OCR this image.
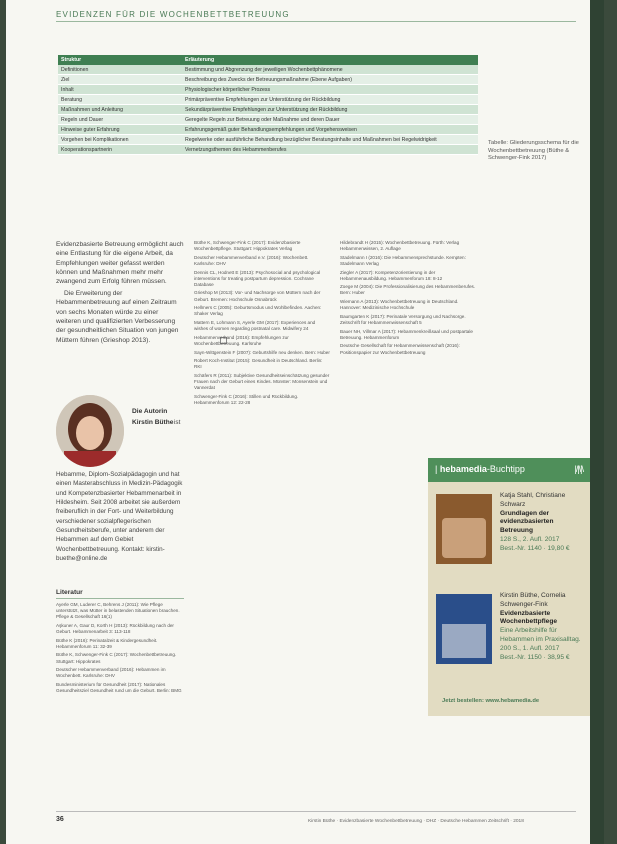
EVIDENZEN FÜR DIE WOCHENBETTBETREUUNG
Struktur	Erläuterung
Definitionen	Bestimmung und Abgrenzung der jeweiligen Wochenbettphänomene
Ziel	Beschreibung des Zwecks der Betreuungsmaßnahme (Ebene Aufgaben)
Inhalt	Physiologischer körperlicher Prozess
Beratung	Primärpräventive Empfehlungen zur Unterstützung der Rückbildung
Maßnahmen und Anleitung	Sekundärpräventive Empfehlungen zur Unterstützung der Rückbildung
Regeln und Dauer	Geregelte Regeln zur Betreuung oder Maßnahme und deren Dauer
Hinweise guter Erfahrung	Erfahrungsgemäß guter Behandlungsempfehlungen und Vorgehensweisen
Vorgehen bei Komplikationen	Regelwerke oder ausführliche Behandlung bezüglicher Beratungsinhalte und Maßnahmen bei Regelwidrigkeit
Kooperationspartnerin	Vernetzungsthemen des Hebammenberufes
Tabelle: Gliederungsschema für die Wochenbettbetreuung (Büthe & Schwenger-Fink 2017)

Evidenzbasierte Betreuung ermöglicht auch eine Entlastung für die eigene Arbeit, da Empfehlungen weiter gefasst werden können und Maßnahmen mehr mehr zwangend zum Erfolg führen müssen.

Die Erweiterung der Hebammenbetreuung auf einen Zeitraum von sechs Monaten würde zu einer weiteren und qualifizierten Verbesserung der gesundheitlichen Situation von jungen Müttern führen (Grieshop 2013).

Die Autorin
Kirstin Büthe ist
Hebamme, Diplom-Sozialpädagogin und hat einen Masterabschluss in Medizin-Pädagogik und Kompetenzbasierter Hebammenarbeit in Hildesheim. Seit 2008 arbeitet sie außerdem freiberuflich in der Fort- und Weiterbildung verschiedener sozialpflegerischen Gesundheitsberufe, unter anderem der Hebammen auf dem Gebiet Wochenbettbetreuung. Kontakt: kirstin-buethe@online.de
Literatur

Ayerle GM, Luderer C, Behrens J (2011): Wie Pflege unterstützt, was Mütter in belastenden Situationen brauchen. Pflege & Gesellschaft 16(1)

Aşkuner A, Gaur D, Korth H (2013): Rückbildung nach der Geburt. Hebammenarbeit 3: 113-118

Büthe K (2016): Perinatalzeit & Kindergesundheit. Hebammenforum 11: 32-39

Büthe K, Schwenger-Fink C (2017): Wochenbettbetreuung. Stuttgart: Hippokrates

Deutscher Hebammenverband (2016): Hebammen im Wochenbett. Karlsruhe: DHV

Bundesministerium für Gesundheit (2017): Nationales Gesundheitsziel Gesundheit rund um die Geburt. Berlin: BMG

Büthe K, Schwenger-Fink C (2017): Evidenzbasierte Wochenbettpflege. Stuttgart: Hippokrates Verlag

Deutscher Hebammenverband e.V. (2016): Wochenbett. Karlsruhe: DHV

Dennis CL, Hodnett E (2013): Psychosocial and psychological interventions for treating postpartum depression. Cochrane Database

Grieshop M (2013): Vor- und Nachsorge von Müttern nach der Geburt. Bremen: Hochschule Osnabrück

Hellmers C (2005): Geburtsmodus und Wohlbefinden. Aachen: Shaker Verlag

Mattern E, Lohmann S, Ayerle GM (2017): Experiences and wishes of women regarding postnatal care. Midwifery 24

Hebammenverband (2016): Empfehlungen zur Wochenbettbetreuung. Karlsruhe

Sayn-Wittgenstein F (2007): Geburtshilfe neu denken. Bern: Huber

Robert Koch-Institut (2015): Gesundheit in Deutschland. Berlin: RKI

Schäfers R (2011): Subjektive Gesundheitseinschätzung gesunder Frauen nach der Geburt eines Kindes. Münster: Monsenstein und Vannerdat

Schwenger-Fink C (2016): Stillen und Rückbildung. Hebammenforum 12: 22-28

Hildebrandt H (2015): Wochenbettbetreuung. Fürth: Verlag Hebammenwissen, 2. Auflage

Stadelmann I (2016): Die Hebammensprechstunde. Kempten: Stadelmann Verlag

Ziegler A (2017): Kompetenzorientierung in der Hebammenausbildung. Hebammenforum 18: 8-12

Zoege M (2004): Die Professionalisierung des Hebammenberufes. Bern: Huber

Wiemann A (2013): Wochenbettbetreuung in Deutschland. Hannover: Medizinische Hochschule

Baumgarten K (2017): Perinatale Versorgung und Nachsorge. Zeitschrift für Hebammenwissenschaft 5

Bauer NH, Villmar A (2017): Hebammenkreißsaal und postpartale Betreuung. Hebammenforum

Deutsche Gesellschaft für Hebammenwissenschaft (2016): Positionspapier zur Wochenbettbetreuung

| hebamedia-Buchtipp	|/|\|\
Katja Stahl, Christiane Schwarz
Grundlagen der evidenzbasierten Betreuung
128 S., 2. Aufl. 2017
Best.-Nr. 1140 · 19,80 €
Kirstin Büthe, Cornelia Schwenger-Fink
Evidenzbasierte Wochenbettpflege
Eine Arbeitshilfe für Hebammen im Praxisalltag. 200 S., 1. Aufl. 2017
Best.-Nr. 1150 · 38,95 €
Jetzt bestellen: www.hebamedia.de
36	Kirstin Büthe · Evidenzbasierte Wochenbettbetreuung · DHZ · Deutsche Hebammen Zeitschrift · 2018
